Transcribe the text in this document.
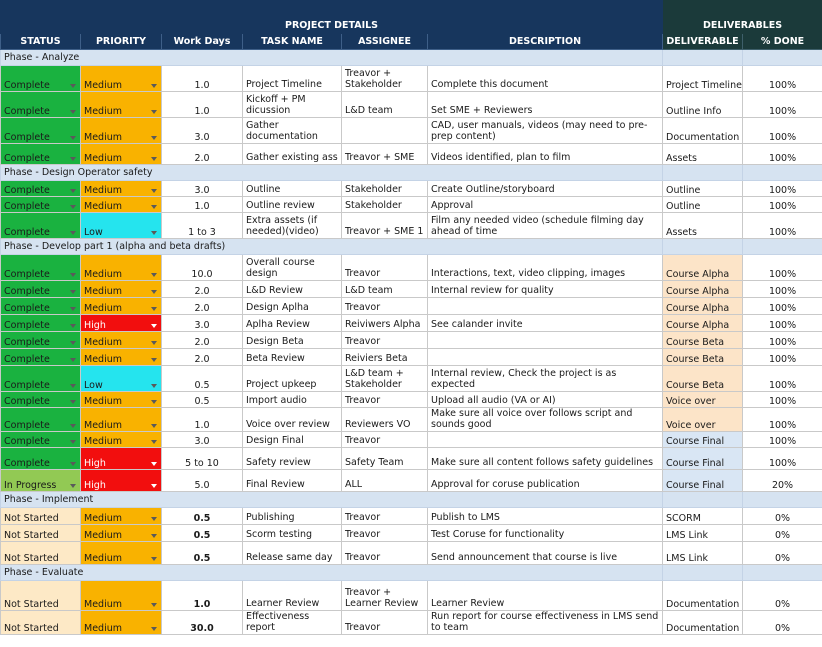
PROJECT DETAILS						DELIVERABLES	
STATUS	PRIORITY	Work Days	TASK NAME	ASSIGNEE	DESCRIPTION	DELIVERABLE	% DONE
Phase - Analyze							
Complete	Medium	1.0	Project Timeline	Treavor + Stakeholder	Complete this document	Project Timeline	100%
Complete	Medium	1.0	Kickoff + PM dicussion	L&D team	Set SME + Reviewers	Outline Info	100%
Complete	Medium	3.0	Gather documentation		CAD, user manuals, videos (may need to pre-prep content)	Documentation	100%
Complete	Medium	2.0	Gather existing ass	Treavor + SME	Videos identified, plan to film	Assets	100%
Phase - Design Operator safety							
Complete	Medium	3.0	Outline	Stakeholder	Create Outline/storyboard	Outline	100%
Complete	Medium	1.0	Outline review	Stakeholder	Approval	Outline	100%
Complete	Low	1 to 3	Extra assets (if needed)(video)	Treavor + SME 1	Film any needed video (schedule filming day ahead of time	Assets	100%
Phase - Develop part 1 (alpha and beta drafts)							
Complete	Medium	10.0	Overall course design	Treavor	Interactions, text, video clipping, images	Course Alpha	100%
Complete	Medium	2.0	L&D Review	L&D team	Internal review for quality	Course Alpha	100%
Complete	Medium	2.0	Design Aplha	Treavor		Course Alpha	100%
Complete	High	3.0	Aplha Review	Reiviwers Alpha	See calander invite	Course Alpha	100%
Complete	Medium	2.0	Design Beta	Treavor		Course Beta	100%
Complete	Medium	2.0	Beta Review	Reiviers Beta		Course Beta	100%
Complete	Low	0.5	Project upkeep	L&D team + Stakeholder	Internal review, Check the project is as expected	Course Beta	100%
Complete	Medium	0.5	Import audio	Treavor	Upload all audio (VA or AI)	Voice over	100%
Complete	Medium	1.0	Voice over review	Reviewers VO	Make sure all voice over follows script and sounds good	Voice over	100%
Complete	Medium	3.0	Design Final	Treavor		Course Final	100%
Complete	High	5 to 10	Safety review	Safety Team	Make sure all content follows safety guidelines	Course Final	100%
In Progress	High	5.0	Final Review	ALL	Approval for coruse publication	Course Final	20%
Phase - Implement							
Not Started	Medium	0.5	Publishing	Treavor	Publish to LMS	SCORM	0%
Not Started	Medium	0.5	Scorm testing	Treavor	Test Coruse for functionality	LMS Link	0%
Not Started	Medium	0.5	Release same day	Treavor	Send announcement that course is live	LMS Link	0%
Phase - Evaluate							
Not Started	Medium	1.0	Learner Review	Treavor + Learner Review	Learner Review	Documentation	0%
Not Started	Medium	30.0	Effectiveness report	Treavor	Run report for course effectiveness in LMS send to team	Documentation	0%
